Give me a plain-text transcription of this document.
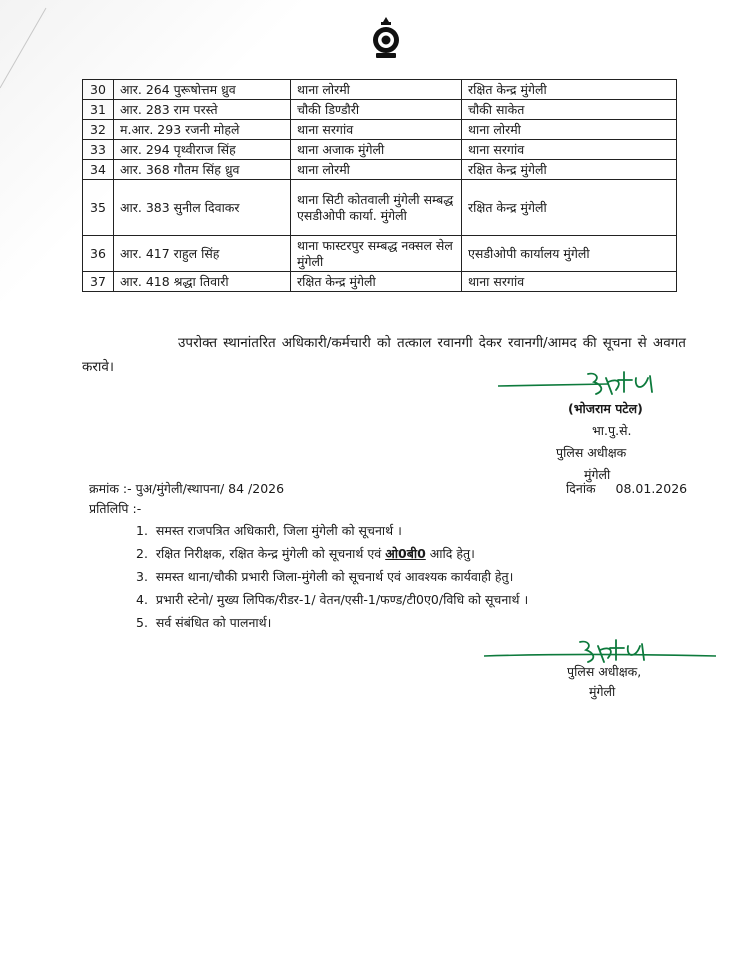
30	आर. 264 पुरूषोत्तम ध्रुव	थाना लोरमी	रक्षित केन्द्र मुंगेली
31	आर. 283 राम परस्ते	चौकी डिण्डौरी	चौकी साकेत
32	म.आर. 293 रजनी मोहले	थाना सरगांव	थाना लोरमी
33	आर. 294 पृथ्वीराज सिंह	थाना अजाक मुंगेली	थाना सरगांव
34	आर. 368 गौतम सिंह ध्रुव	थाना लोरमी	रक्षित केन्द्र मुंगेली
35	आर. 383 सुनील दिवाकर	थाना सिटी कोतवाली मुंगेली सम्बद्ध एसडीओपी कार्या. मुंगेली	रक्षित केन्द्र मुंगेली
36	आर. 417 राहुल सिंह	थाना फास्टरपुर सम्बद्ध नक्सल सेल मुंगेली	एसडीओपी कार्यालय मुंगेली
37	आर. 418 श्रद्धा तिवारी	रक्षित केन्द्र मुंगेली	थाना सरगांव
उपरोक्त स्थानांतरित अधिकारी/कर्मचारी को तत्काल रवानगी देकर रवानगी/आमद की सूचना से अवगत करावे।
(भोजराम पटेल)
भा.पु.से.
पुलिस अधीक्षक
मुंगेली
क्रमांक :- पुअ/मुंगेली/स्थापना/ 84 /2026	दिनांक 08.01.2026
प्रतिलिपि :-
1. समस्त राजपत्रित अधिकारी, जिला मुंगेली को सूचनार्थ ।
2. रक्षित निरीक्षक, रक्षित केन्द्र मुंगेली को सूचनार्थ एवं ओ0बी0 आदि हेतु।
3. समस्त थाना/चौकी प्रभारी जिला-मुंगेली को सूचनार्थ एवं आवश्यक कार्यवाही हेतु।
4. प्रभारी स्टेनो/ मुख्य लिपिक/रीडर-1/ वेतन/एसी-1/फण्ड/टी0ए0/विधि को सूचनार्थ ।
5. सर्व संबंधित को पालनार्थ।
पुलिस अधीक्षक,
मुंगेली
